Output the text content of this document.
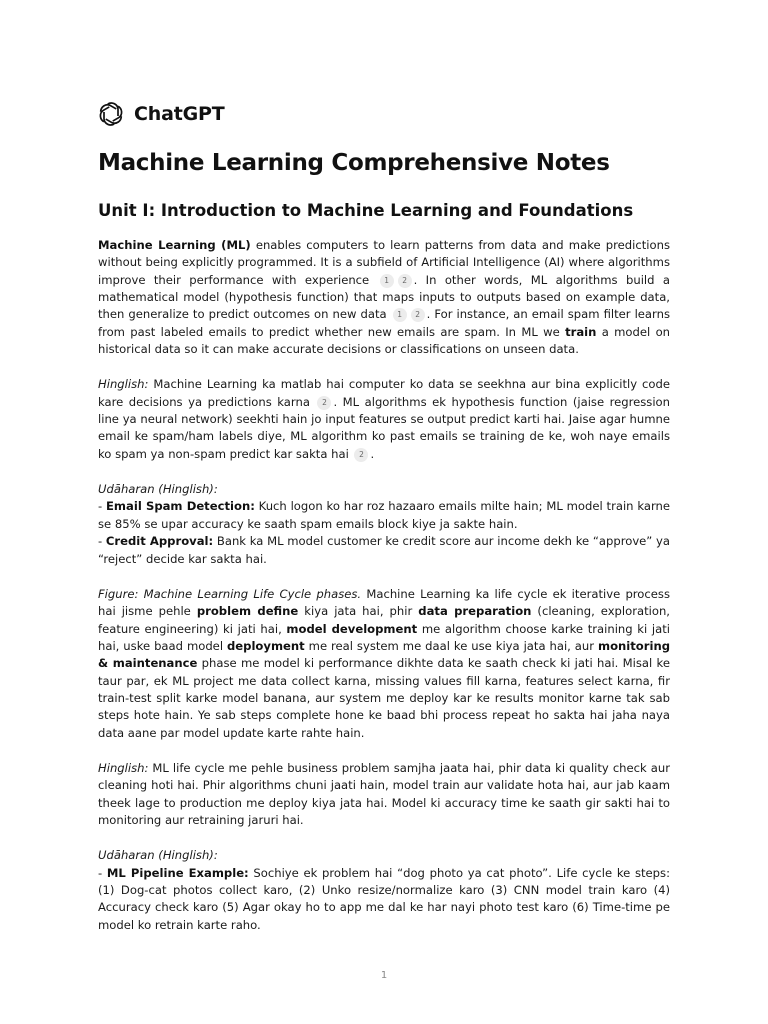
ChatGPT
Machine Learning Comprehensive Notes
Unit I: Introduction to Machine Learning and Foundations

Machine Learning (ML) enables computers to learn patterns from data and make predictions without being explicitly programmed. It is a subfield of Artificial Intelligence (AI) where algorithms improve their performance with experience 1 2 . In other words, ML algorithms build a mathematical model (hypothesis function) that maps inputs to outputs based on example data, then generalize to predict outcomes on new data 1 2 . For instance, an email spam filter learns from past labeled emails to predict whether new emails are spam. In ML we train a model on historical data so it can make accurate decisions or classifications on unseen data.

Hinglish: Machine Learning ka matlab hai computer ko data se seekhna aur bina explicitly code kare decisions ya predictions karna 2 . ML algorithms ek hypothesis function (jaise regression line ya neural network) seekhti hain jo input features se output predict karti hai. Jaise agar humne email ke spam/ham labels diye, ML algorithm ko past emails se training de ke, woh naye emails ko spam ya non-spam predict kar sakta hai 2 .

Udāharan (Hinglish):
- Email Spam Detection: Kuch logon ko har roz hazaaro emails milte hain; ML model train karne se 85% se upar accuracy ke saath spam emails block kiye ja sakte hain.
- Credit Approval: Bank ka ML model customer ke credit score aur income dekh ke “approve” ya “reject” decide kar sakta hai.

Figure: Machine Learning Life Cycle phases. Machine Learning ka life cycle ek iterative process hai jisme pehle problem define kiya jata hai, phir data preparation (cleaning, exploration, feature engineering) ki jati hai, model development me algorithm choose karke training ki jati hai, uske baad model deployment me real system me daal ke use kiya jata hai, aur monitoring & maintenance phase me model ki performance dikhte data ke saath check ki jati hai. Misal ke taur par, ek ML project me data collect karna, missing values fill karna, features select karna, fir train-test split karke model banana, aur system me deploy kar ke results monitor karne tak sab steps hote hain. Ye sab steps complete hone ke baad bhi process repeat ho sakta hai jaha naya data aane par model update karte rahte hain.

Hinglish: ML life cycle me pehle business problem samjha jaata hai, phir data ki quality check aur cleaning hoti hai. Phir algorithms chuni jaati hain, model train aur validate hota hai, aur jab kaam theek lage to production me deploy kiya jata hai. Model ki accuracy time ke saath gir sakti hai to monitoring aur retraining jaruri hai.

Udāharan (Hinglish):
- ML Pipeline Example: Sochiye ek problem hai “dog photo ya cat photo”. Life cycle ke steps: (1) Dog-cat photos collect karo, (2) Unko resize/normalize karo (3) CNN model train karo (4) Accuracy check karo (5) Agar okay ho to app me dal ke har nayi photo test karo (6) Time-time pe model ko retrain karte raho.

1
